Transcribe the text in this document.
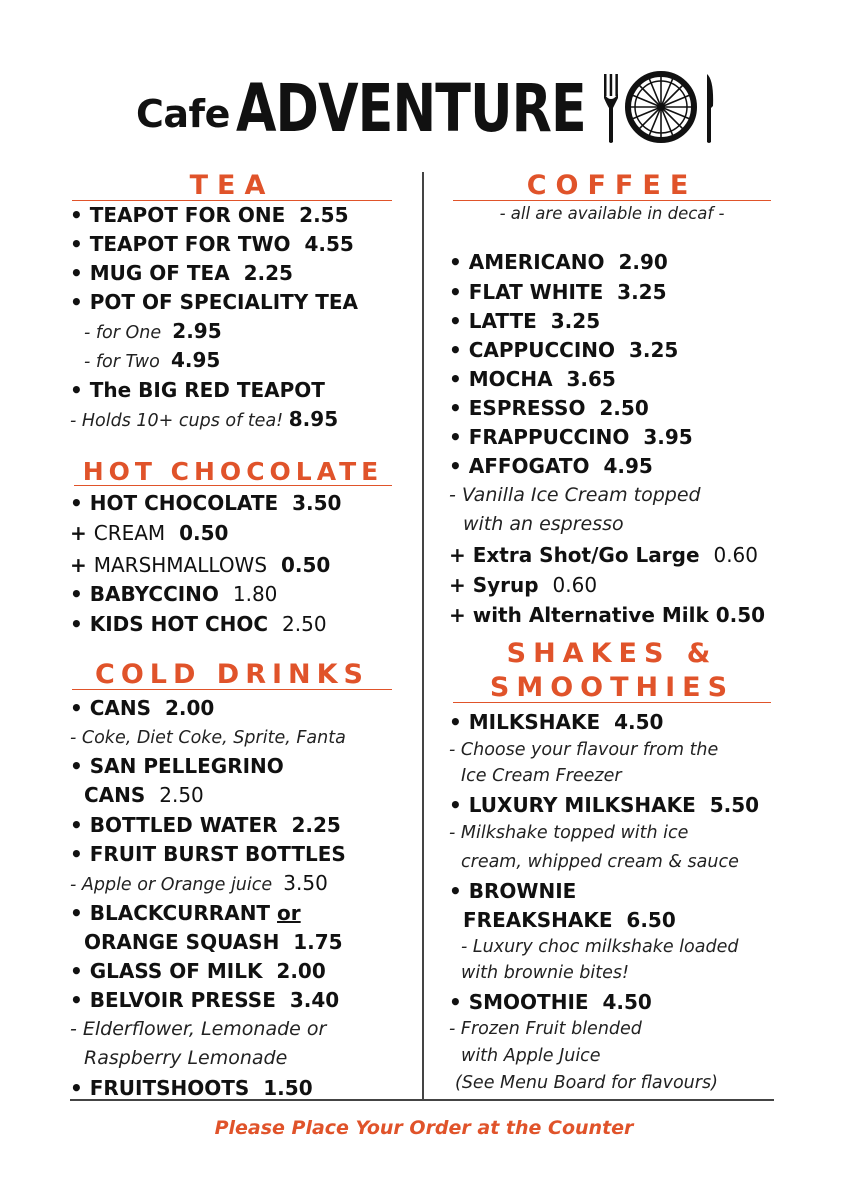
Cafe ADVENTURE
TEA
• TEAPOT FOR ONE 2.55
• TEAPOT FOR TWO 4.55
• MUG OF TEA 2.25
• POT OF SPECIALITY TEA
- for One 2.95
- for Two 4.95
• The BIG RED TEAPOT
- Holds 10+ cups of tea! 8.95
HOT CHOCOLATE
• HOT CHOCOLATE 3.50
+ CREAM 0.50
+ MARSHMALLOWS 0.50
• BABYCCINO 1.80
• KIDS HOT CHOC 2.50
COLD DRINKS
• CANS 2.00
- Coke, Diet Coke, Sprite, Fanta
• SAN PELLEGRINO
CANS 2.50
• BOTTLED WATER 2.25
• FRUIT BURST BOTTLES
- Apple or Orange juice 3.50
• BLACKCURRANT or
ORANGE SQUASH 1.75
• GLASS OF MILK 2.00
• BELVOIR PRESSE 3.40
- Elderflower, Lemonade or
Raspberry Lemonade
• FRUITSHOOTS 1.50
COFFEE
- all are available in decaf -
• AMERICANO 2.90
• FLAT WHITE 3.25
• LATTE 3.25
• CAPPUCCINO 3.25
• MOCHA 3.65
• ESPRESSO 2.50
• FRAPPUCCINO 3.95
• AFFOGATO 4.95
- Vanilla Ice Cream topped
with an espresso
+ Extra Shot/Go Large 0.60
+ Syrup 0.60
+ with Alternative Milk 0.50
SHAKES &
SMOOTHIES
• MILKSHAKE 4.50
- Choose your flavour from the
Ice Cream Freezer
• LUXURY MILKSHAKE 5.50
- Milkshake topped with ice
cream, whipped cream & sauce
• BROWNIE
FREAKSHAKE 6.50
- Luxury choc milkshake loaded
with brownie bites!
• SMOOTHIE 4.50
- Frozen Fruit blended
with Apple Juice
(See Menu Board for flavours)
Please Place Your Order at the Counter
